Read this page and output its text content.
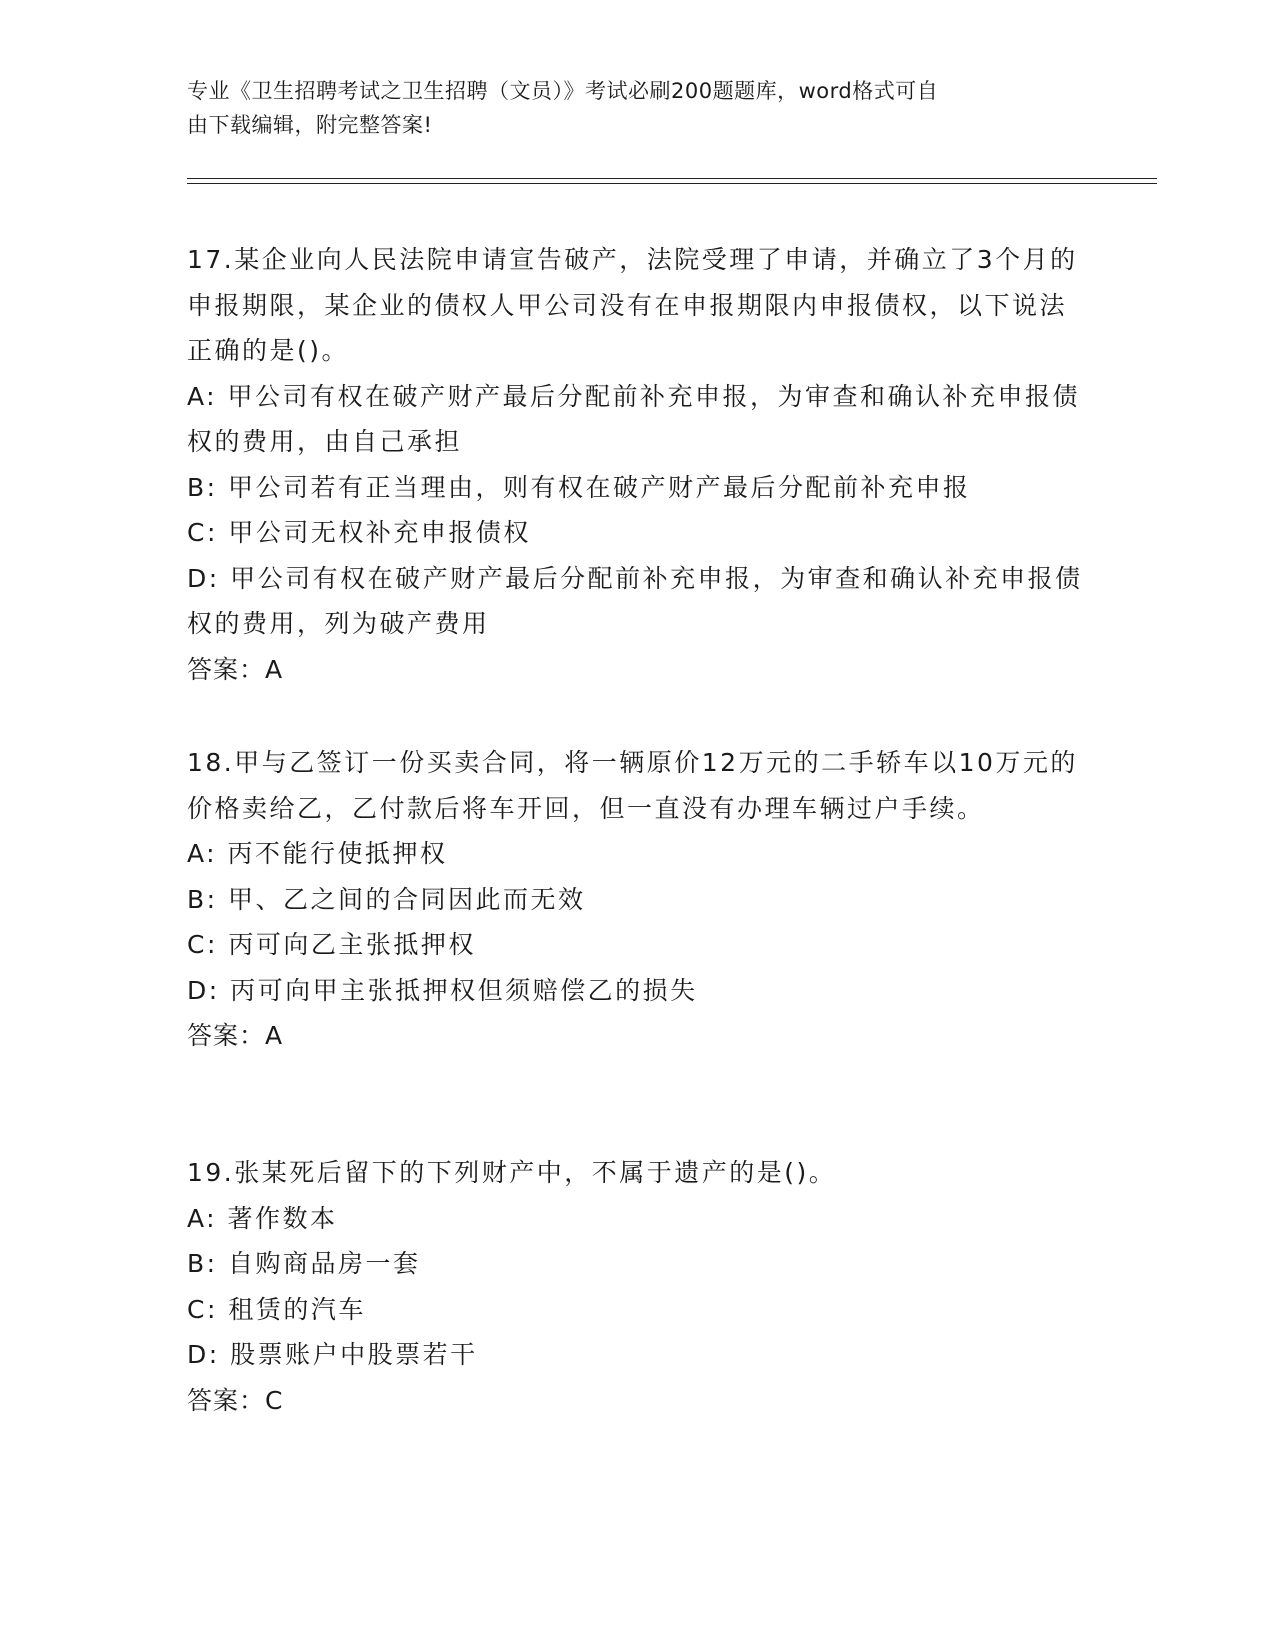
专业《卫生招聘考试之卫生招聘（文员）》考试必刷200题题库，word格式可自
由下载编辑，附完整答案!
17.某企业向人民法院申请宣告破产，法院受理了申请，并确立了3个月的申报期限，某企业的债权人甲公司没有在申报期限内申报债权，以下说法正确的是()。
A: 甲公司有权在破产财产最后分配前补充申报，为审查和确认补充申报债权的费用，由自己承担
B: 甲公司若有正当理由，则有权在破产财产最后分配前补充申报
C: 甲公司无权补充申报债权
D: 甲公司有权在破产财产最后分配前补充申报，为审查和确认补充申报债权的费用，列为破产费用
答案：A
18.甲与乙签订一份买卖合同，将一辆原价12万元的二手轿车以10万元的价格卖给乙，乙付款后将车开回，但一直没有办理车辆过户手续。
A: 丙不能行使抵押权
B: 甲、乙之间的合同因此而无效
C: 丙可向乙主张抵押权
D: 丙可向甲主张抵押权但须赔偿乙的损失
答案：A
19.张某死后留下的下列财产中，不属于遗产的是()。
A: 著作数本
B: 自购商品房一套
C: 租赁的汽车
D: 股票账户中股票若干
答案：C
